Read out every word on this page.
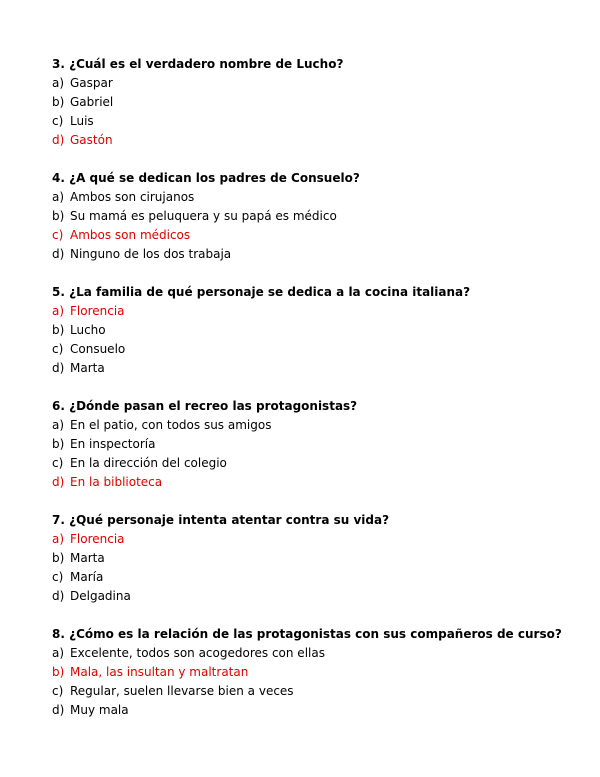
3. ¿Cuál es el verdadero nombre de Lucho?
a) Gaspar
b) Gabriel
c) Luis
d) Gastón
4. ¿A qué se dedican los padres de Consuelo?
a) Ambos son cirujanos
b) Su mamá es peluquera y su papá es médico
c) Ambos son médicos
d) Ninguno de los dos trabaja
5. ¿La familia de qué personaje se dedica a la cocina italiana?
a) Florencia
b) Lucho
c) Consuelo
d) Marta
6. ¿Dónde pasan el recreo las protagonistas?
a) En el patio, con todos sus amigos
b) En inspectoría
c) En la dirección del colegio
d) En la biblioteca
7. ¿Qué personaje intenta atentar contra su vida?
a) Florencia
b) Marta
c) María
d) Delgadina
8. ¿Cómo es la relación de las protagonistas con sus compañeros de curso?
a) Excelente, todos son acogedores con ellas
b) Mala, las insultan y maltratan
c) Regular, suelen llevarse bien a veces
d) Muy mala
